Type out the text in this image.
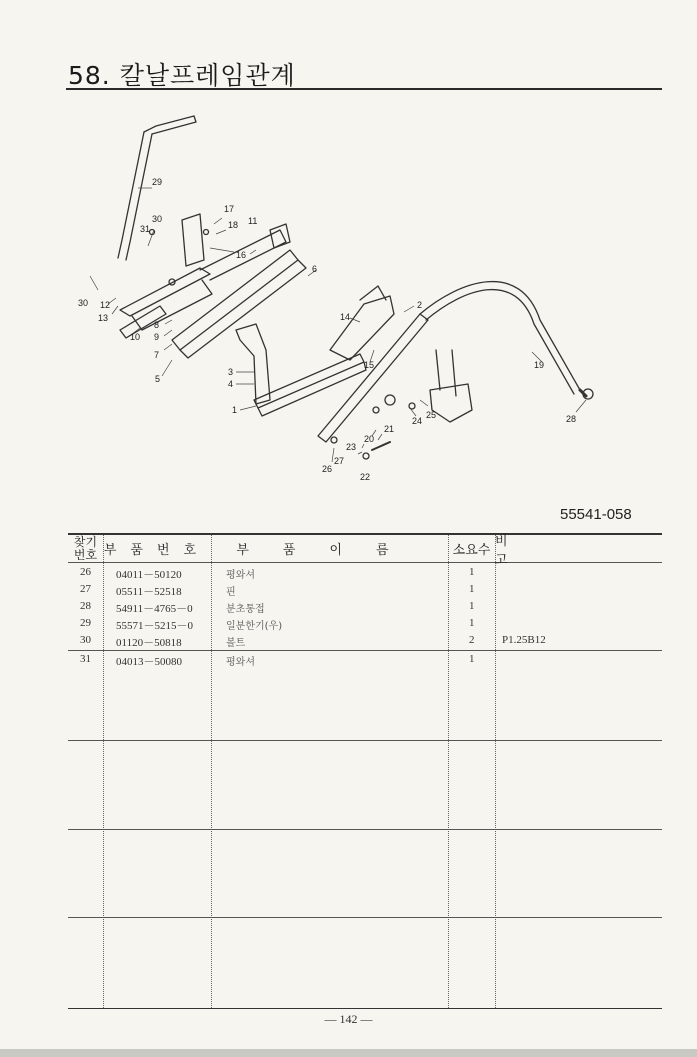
58. 칼날프레임관계
29
31
30
17
18 11
16
6
30 12
13
10
8
9
7
5
14
2
15	19
3
4
1	25
24
21
20
23
22
26
27
28
55541-058
찾기
번호 부품번호	부품이름	소요수
비고
26 04011－50120	평와셔	1
27 05511－52518	핀	1
28 54911－4765－0	분초통접	1
29 55571－5215－0	일분한기(우)	1
30 01120－50818	볼트	2	P1.25B12
31 04013－50080	평와셔	1
— 142 —
